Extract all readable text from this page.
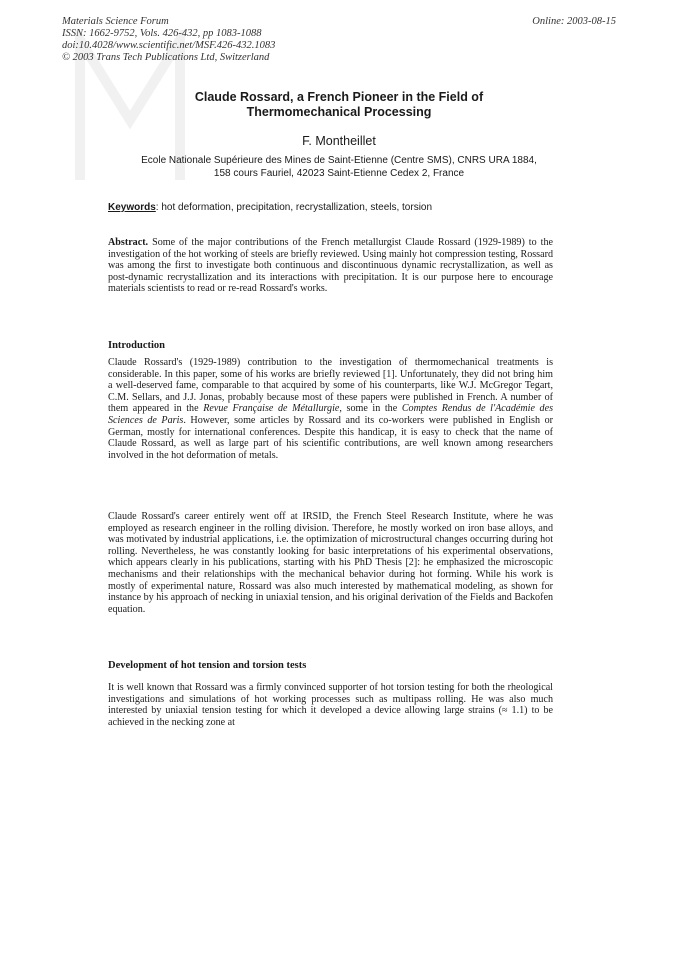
Materials Science Forum
ISSN: 1662-9752, Vols. 426-432, pp 1083-1088
doi:10.4028/www.scientific.net/MSF.426-432.1083
© 2003 Trans Tech Publications Ltd, Switzerland
Online: 2003-08-15
Claude Rossard, a French Pioneer in the Field of
Thermomechanical Processing
F. Montheillet
Ecole Nationale Supérieure des Mines de Saint-Etienne (Centre SMS), CNRS URA 1884,
158 cours Fauriel, 42023 Saint-Etienne Cedex 2, France
Keywords: hot deformation, precipitation, recrystallization, steels, torsion

Abstract. Some of the major contributions of the French metallurgist Claude Rossard (1929-1989) to the investigation of the hot working of steels are briefly reviewed. Using mainly hot compression testing, Rossard was among the first to investigate both continuous and discontinuous dynamic recrystallization, as well as post-dynamic recrystallization and its interactions with precipitation. It is our purpose here to encourage materials scientists to read or re-read Rossard's works.

Introduction

Claude Rossard's (1929-1989) contribution to the investigation of thermomechanical treatments is considerable. In this paper, some of his works are briefly reviewed [1]. Unfortunately, they did not bring him a well-deserved fame, comparable to that acquired by some of his counterparts, like W.J. McGregor Tegart, C.M. Sellars, and J.J. Jonas, probably because most of these papers were published in French. A number of them appeared in the Revue Française de Métallurgie, some in the Comptes Rendus de l'Académie des Sciences de Paris. However, some articles by Rossard and its co-workers were published in English or German, mostly for international conferences. Despite this handicap, it is easy to check that the name of Claude Rossard, as well as large part of his scientific contributions, are well known among researchers involved in the hot deformation of metals.

Claude Rossard's career entirely went off at IRSID, the French Steel Research Institute, where he was employed as research engineer in the rolling division. Therefore, he mostly worked on iron base alloys, and was motivated by industrial applications, i.e. the optimization of microstructural changes occurring during hot rolling. Nevertheless, he was constantly looking for basic interpretations of his experimental observations, which appears clearly in his publications, starting with his PhD Thesis [2]: he emphasized the microscopic mechanisms and their relationships with the mechanical behavior during hot forming. While his work is mostly of experimental nature, Rossard was also much interested by mathematical modeling, as shown for instance by his approach of necking in uniaxial tension, and his original derivation of the Fields and Backofen equation.

Development of hot tension and torsion tests

It is well known that Rossard was a firmly convinced supporter of hot torsion testing for both the rheological investigations and simulations of hot working processes such as multipass rolling. He was also much interested by uniaxial tension testing for which it developed a device allowing large strains (≈ 1.1) to be achieved in the necking zone at
